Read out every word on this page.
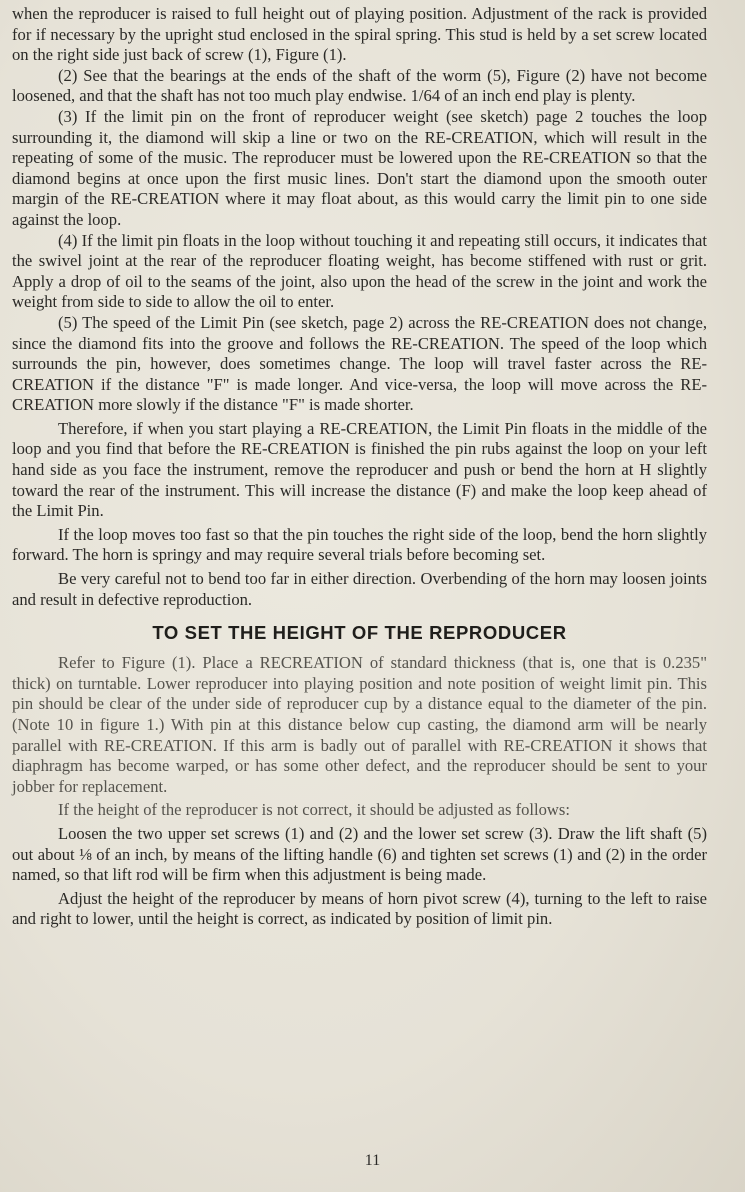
when the reproducer is raised to full height out of playing position. Adjustment of the rack is provided for if necessary by the upright stud enclosed in the spiral spring. This stud is held by a set screw located on the right side just back of screw (1), Figure (1).

(2) See that the bearings at the ends of the shaft of the worm (5), Figure (2) have not become loosened, and that the shaft has not too much play endwise. 1/64 of an inch end play is plenty.

(3) If the limit pin on the front of reproducer weight (see sketch) page 2 touches the loop surrounding it, the diamond will skip a line or two on the RE-CREATION, which will result in the repeating of some of the music. The reproducer must be lowered upon the RE-CREATION so that the diamond begins at once upon the first music lines. Don't start the diamond upon the smooth outer margin of the RE-CREATION where it may float about, as this would carry the limit pin to one side against the loop.

(4) If the limit pin floats in the loop without touching it and repeating still occurs, it indicates that the swivel joint at the rear of the reproducer floating weight, has become stiffened with rust or grit. Apply a drop of oil to the seams of the joint, also upon the head of the screw in the joint and work the weight from side to side to allow the oil to enter.

(5) The speed of the Limit Pin (see sketch, page 2) across the RE-CREATION does not change, since the diamond fits into the groove and follows the RE-CREATION. The speed of the loop which surrounds the pin, however, does sometimes change. The loop will travel faster across the RE-CREATION if the distance "F" is made longer. And vice-versa, the loop will move across the RE-CREATION more slowly if the distance "F" is made shorter.

Therefore, if when you start playing a RE-CREATION, the Limit Pin floats in the middle of the loop and you find that before the RE-CREATION is finished the pin rubs against the loop on your left hand side as you face the instrument, remove the reproducer and push or bend the horn at H slightly toward the rear of the instrument. This will increase the distance (F) and make the loop keep ahead of the Limit Pin.

If the loop moves too fast so that the pin touches the right side of the loop, bend the horn slightly forward. The horn is springy and may require several trials before becoming set.

Be very careful not to bend too far in either direction. Overbending of the horn may loosen joints and result in defective reproduction.

TO SET THE HEIGHT OF THE REPRODUCER

Refer to Figure (1). Place a RECREATION of standard thickness (that is, one that is 0.235" thick) on turntable. Lower reproducer into playing position and note position of weight limit pin. This pin should be clear of the under side of reproducer cup by a distance equal to the diameter of the pin. (Note 10 in figure 1.) With pin at this distance below cup casting, the diamond arm will be nearly parallel with RE-CREATION. If this arm is badly out of parallel with RE-CREATION it shows that diaphragm has become warped, or has some other defect, and the reproducer should be sent to your jobber for replacement.

If the height of the reproducer is not correct, it should be adjusted as follows:

Loosen the two upper set screws (1) and (2) and the lower set screw (3). Draw the lift shaft (5) out about ⅛ of an inch, by means of the lifting handle (6) and tighten set screws (1) and (2) in the order named, so that lift rod will be firm when this adjustment is being made.

Adjust the height of the reproducer by means of horn pivot screw (4), turning to the left to raise and right to lower, until the height is correct, as indicated by position of limit pin.

11
